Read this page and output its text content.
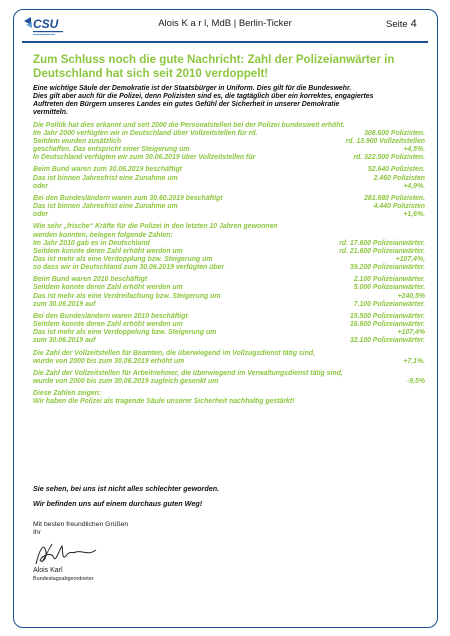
CSU	Alois K a r l, MdB | Berlin-Ticker	Seite 4
Zum Schluss noch die gute Nachricht: Zahl der Polizeianwärter in Deutschland hat sich seit 2010 verdoppelt!
Eine wichtige Säule der Demokratie ist der Staatsbürger in Uniform. Dies gilt für die Bundeswehr.
Dies gilt aber auch für die Polizei, denn Polizisten sind es, die tagtäglich über ein korrektes, engagiertes
Auftreten den Bürgern unseres Landes ein gutes Gefühl der Sicherheit in unserer Demokratie
vermitteln.
Die Politik hat dies erkannt und seit 2000 die Personalstellen bei der Polizei bundesweit erhöht.
Im Jahr 2000 verfügten wir in Deutschland über Vollzeitstellen für rd.	308.600 Polizisten.
Seitdem wurden zusätzlich	rd. 13.900 Vollzeitstellen
geschaffen. Das entspricht einer Steigerung um	+4,5%.
In Deutschland verfügten wir zum 30.06.2019 über Vollzeitstellen für	rd. 322.500 Polizisten.
Beim Bund waren zum 30.06.2019 beschäftigt	52.640 Polizisten.
Das ist binnen Jahresfrist eine Zunahme um	2.460 Polizisten
oder	+4,9%.
Bei den Bundesländern waren zum 30.60.2019 beschäftigt	281.680 Polizisten.
Das ist binnen Jahresfrist eine Zunahme um	4.440 Polizisten
oder	+1,6%.
Wie sehr „frische“ Kräfte für die Polizei in den letzten 10 Jahren gewonnen
werden konnten, belegen folgende Zahlen:
Im Jahr 2010 gab es in Deutschland	rd. 17.600 Polizeianwärter.
Seitdem konnte deren Zahl erhöht werden um	rd. 21.600 Polizeianwärter.
Das ist mehr als eine Verdopplung bzw. Steigerung um	+107,4%,
so dass wir in Deutschland zum 30.06.2019 verfügten über	39.200 Polizeianwärter.
Beim Bund waren 2010 beschäftigt	2.100 Polizeianwärter.
Seitdem konnte deren Zahl erhöht werden um	5.000 Polizeianwärter.
Das ist mehr als eine Verdreifachung bzw. Steigerung um	+240,5%
zum 30.06.2019 auf	7.100 Polizeianwärter.
Bei den Bundesländern waren 2010 beschäftigt	15.500 Polizeianwärter.
Seitdem konnte deren Zahl erhöht werden um	16.600 Polizeianwärter.
Das ist mehr als eine Verdoppelung bzw. Steigerung um	+107,4%
zum 30.06.2019 auf	32.100 Polizeianwärter.
Die Zahl der Vollzeitstellen für Beamten, die überwiegend im Vollzugsdienst tätig sind,
wurde von 2000 bis zum 30.06.2019 erhöht um	+7,1%.
Die Zahl der Vollzeitstellen für Arbeitnehmer, die überwiegend im Verwaltungsdienst tätig sind,
wurde von 2000 bis zum 30.06.2019 zugleich gesenkt um	-9,5%
Diese Zahlen zeigen:
Wir haben die Polizei als tragende Säule unserer Sicherheit nachhaltig gestärkt!
Sie sehen, bei uns ist nicht alles schlechter geworden.
Wir befinden uns auf einem durchaus guten Weg!
Mit besten freundlichen Grüßen
Ihr
Alois Karl
Bundestagsabgeordneter
